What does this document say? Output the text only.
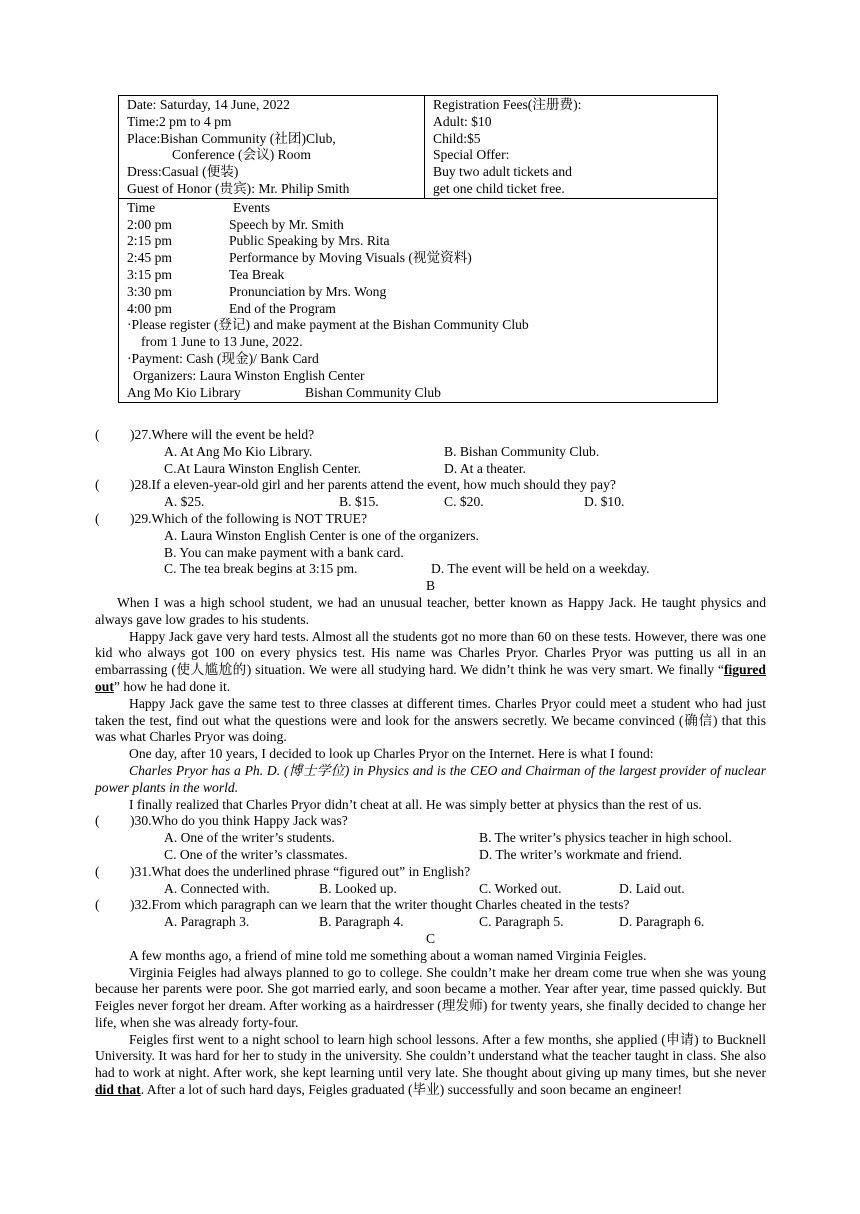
Date: Saturday, 14 June, 2022
Time:2 pm to 4 pm
Place:Bishan Community (社团)Club,
Conference (会议) Room
Dress:Casual (便装)
Guest of Honor (贵宾): Mr. Philip Smith
Registration Fees(注册费):
Adult: $10
Child:$5
Special Offer:
Buy two adult tickets and
get one child ticket free.
Time	Events
2:00 pm	Speech by Mr. Smith
2:15 pm	Public Speaking by Mrs. Rita
2:45 pm	Performance by Moving Visuals (视觉资料)
3:15 pm	Tea Break
3:30 pm	Pronunciation by Mrs. Wong
4:00 pm	End of the Program
·Please register (登记) and make payment at the Bishan Community Club
from 1 June to 13 June, 2022.
·Payment: Cash (现金)/ Bank Card
Organizers: Laura Winston English Center
Ang Mo Kio Library	Bishan Community Club
(	)27.Where will the event be held?
A. At Ang Mo Kio Library.	B. Bishan Community Club.
C.At Laura Winston English Center.	D. At a theater.
(	)28.If a eleven-year-old girl and her parents attend the event, how much should they pay?
A. $25.	B. $15.	C. $20.	D. $10.
(	)29.Which of the following is NOT TRUE?
A. Laura Winston English Center is one of the organizers.
B. You can make payment with a bank card.
C. The tea break begins at 3:15 pm.	D. The event will be held on a weekday.
B

When I was a high school student, we had an unusual teacher, better known as Happy Jack. He taught physics and always gave low grades to his students.

Happy Jack gave very hard tests. Almost all the students got no more than 60 on these tests. However, there was one kid who always got 100 on every physics test. His name was Charles Pryor. Charles Pryor was putting us all in an embarrassing (使人尴尬的) situation. We were all studying hard. We didn’t think he was very smart. We finally “figured out” how he had done it.

Happy Jack gave the same test to three classes at different times. Charles Pryor could meet a student who had just taken the test, find out what the questions were and look for the answers secretly. We became convinced (确信) that this was what Charles Pryor was doing.

One day, after 10 years, I decided to look up Charles Pryor on the Internet. Here is what I found:

Charles Pryor has a Ph. D. (博士学位) in Physics and is the CEO and Chairman of the largest provider of nuclear power plants in the world.

I finally realized that Charles Pryor didn’t cheat at all. He was simply better at physics than the rest of us.

(	)30.Who do you think Happy Jack was?
A. One of the writer’s students.	B. The writer’s physics teacher in high school.
C. One of the writer’s classmates.	D. The writer’s workmate and friend.
(	)31.What does the underlined phrase “figured out” in English?
A. Connected with.	B. Looked up.	C. Worked out.	D. Laid out.
(	)32.From which paragraph can we learn that the writer thought Charles cheated in the tests?
A. Paragraph 3.	B. Paragraph 4.	C. Paragraph 5.	D. Paragraph 6.
C

A few months ago, a friend of mine told me something about a woman named Virginia Feigles.

Virginia Feigles had always planned to go to college. She couldn’t make her dream come true when she was young because her parents were poor. She got married early, and soon became a mother. Year after year, time passed quickly. But Feigles never forgot her dream. After working as a hairdresser (理发师) for twenty years, she finally decided to change her life, when she was already forty-four.

Feigles first went to a night school to learn high school lessons. After a few months, she applied (申请) to Bucknell University. It was hard for her to study in the university. She couldn’t understand what the teacher taught in class. She also had to work at night. After work, she kept learning until very late. She thought about giving up many times, but she never did that. After a lot of such hard days, Feigles graduated (毕业) successfully and soon became an engineer!
